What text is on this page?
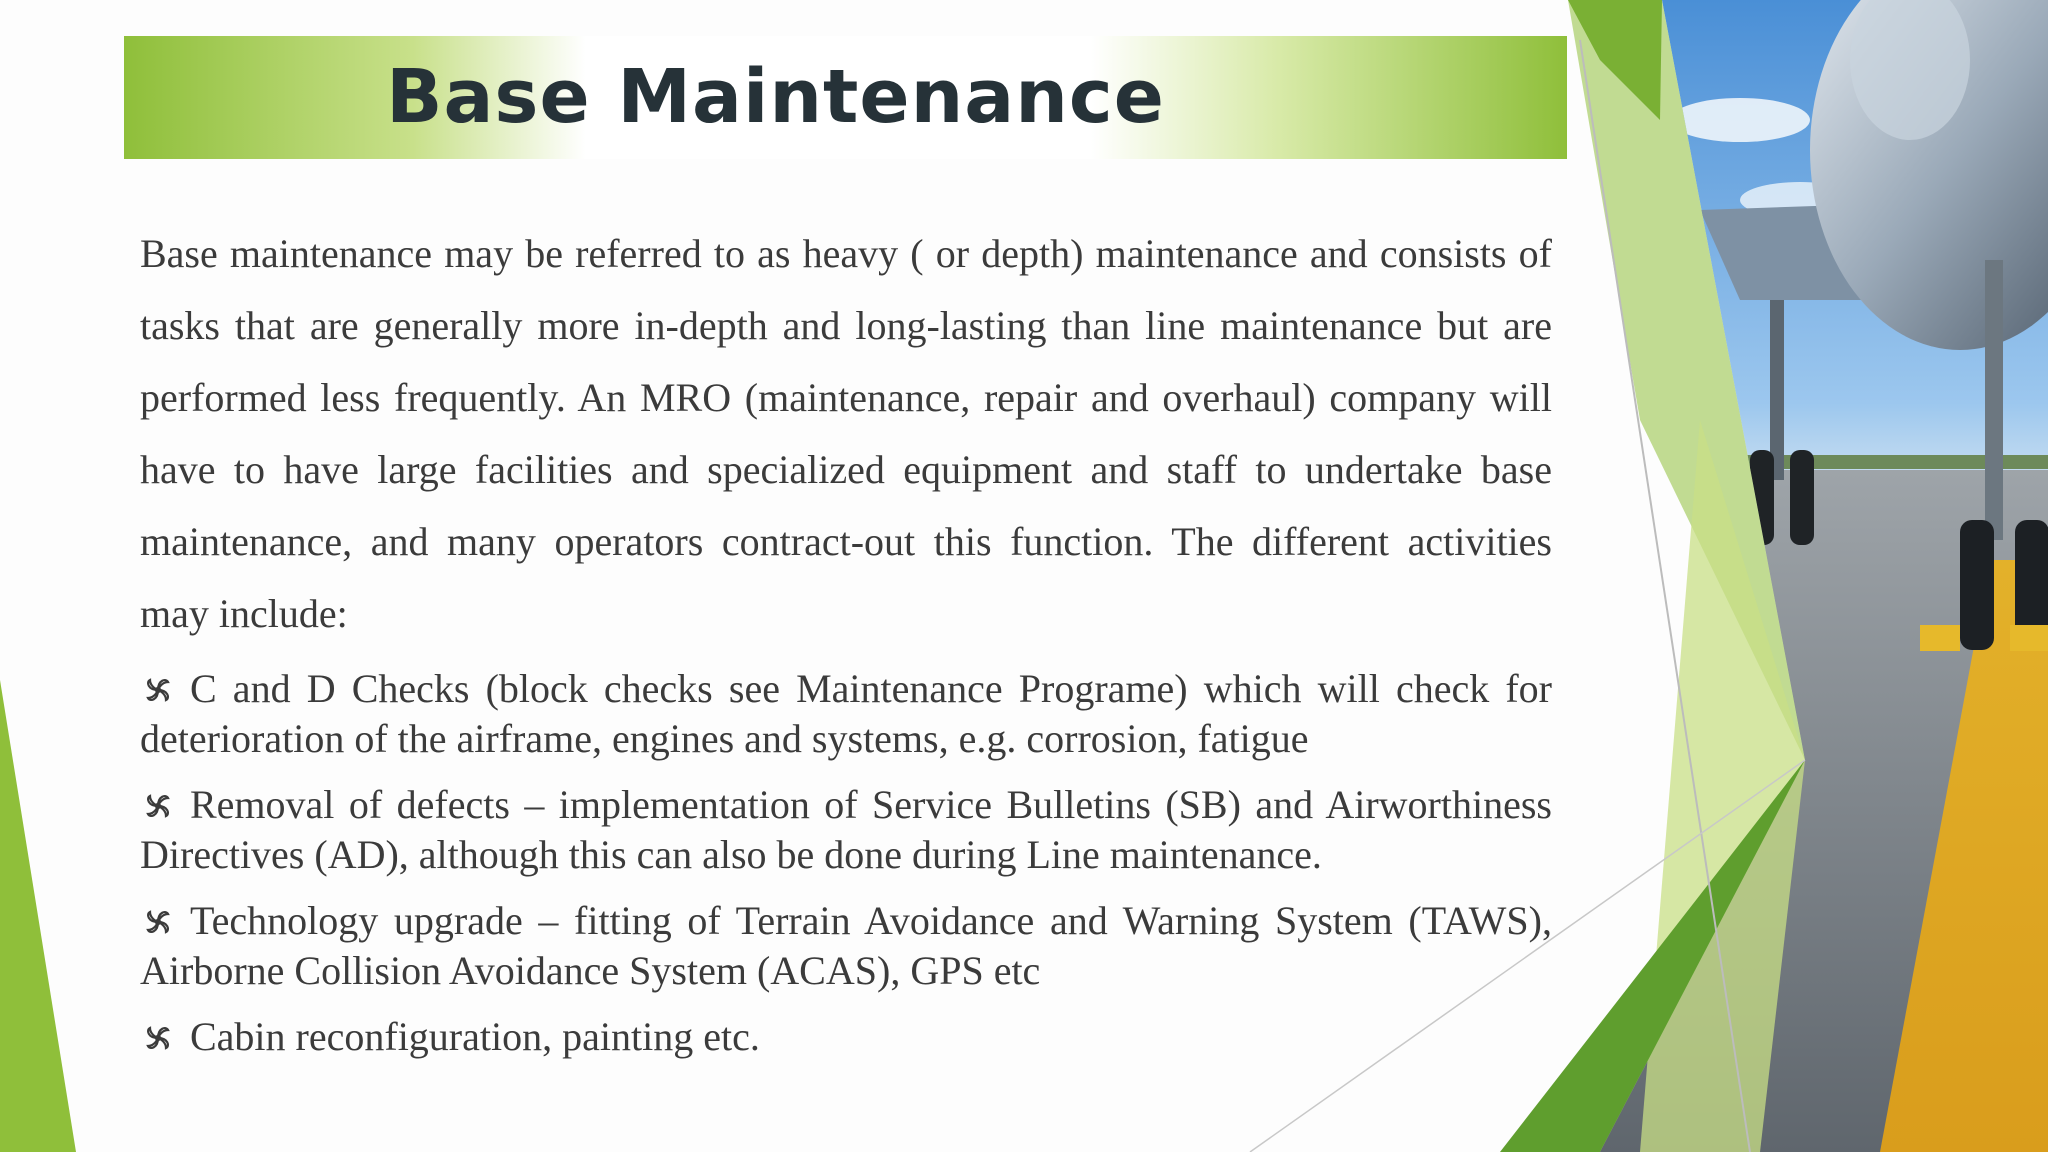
Base Maintenance

Base maintenance may be referred to as heavy ( or depth) maintenance and consists of tasks that are generally more in-depth and long-lasting than line maintenance but are performed less frequently. An MRO (maintenance, repair and overhaul) company will have to have large facilities and specialized equipment and staff to undertake base maintenance, and many operators contract-out this function. The different activities may include:

C and D Checks (block checks see Maintenance Programe) which will check for deterioration of the airframe, engines and systems, e.g. corrosion, fatigue
Removal of defects – implementation of Service Bulletins (SB) and Airworthiness Directives (AD), although this can also be done during Line maintenance.
Technology upgrade – fitting of Terrain Avoidance and Warning System (TAWS), Airborne Collision Avoidance System (ACAS), GPS etc
Cabin reconfiguration, painting etc.
